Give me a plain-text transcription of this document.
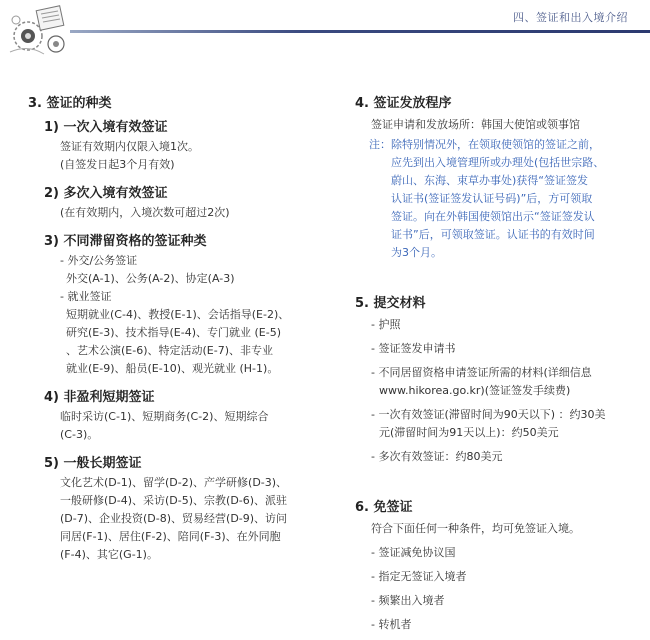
四、签证和出入境介绍
3. 签证的种类
1) 一次入境有效签证
签证有效期内仅限入境1次。
(自签发日起3个月有效)
2) 多次入境有效签证
(在有效期内，入境次数可超过2次)
3) 不同滞留资格的签证种类
- 外交/公务签证
外交(A-1)、公务(A-2)、协定(A-3)
- 就业签证
短期就业(C-4)、教授(E-1)、会话指导(E-2)、
研究(E-3)、技术指导(E-4)、专门就业 (E-5)
、艺术公演(E-6)、特定活动(E-7)、非专业
就业(E-9)、船员(E-10)、观光就业 (H-1)。
4) 非盈利短期签证
临时采访(C-1)、短期商务(C-2)、短期综合
(C-3)。
5) 一般长期签证
文化艺术(D-1)、留学(D-2)、产学研修(D-3)、
一般研修(D-4)、采访(D-5)、宗教(D-6)、派驻
(D-7)、企业投资(D-8)、贸易经营(D-9)、访问
同居(F-1)、居住(F-2)、陪同(F-3)、在外同胞
(F-4)、其它(G-1)。
4. 签证发放程序
签证申请和发放场所：韩国大使馆或领事馆
注： 除特别情况外，在领取使领馆的签证之前，
应先到出入境管理所或办理处(包括世宗路、
蔚山、东海、束草办事处)获得“签证签发
认证书(签证签发认证号码)”后，方可领取
签证。向在外韩国使领馆出示“签证签发认
证书”后，可领取签证。认证书的有效时间
为3个月。
5. 提交材料
- 护照
- 签证签发申请书
- 不同居留资格申请签证所需的材料(详细信息
www.hikorea.go.kr)(签证签发手续费)
- 一次有效签证(滞留时间为90天以下) ：约30美
元(滞留时间为91天以上)：约50美元
- 多次有效签证：约80美元
6. 免签证
符合下面任何一种条件，均可免签证入境。
- 签证减免协议国
- 指定无签证入境者
- 频繁出入境者
- 转机者
